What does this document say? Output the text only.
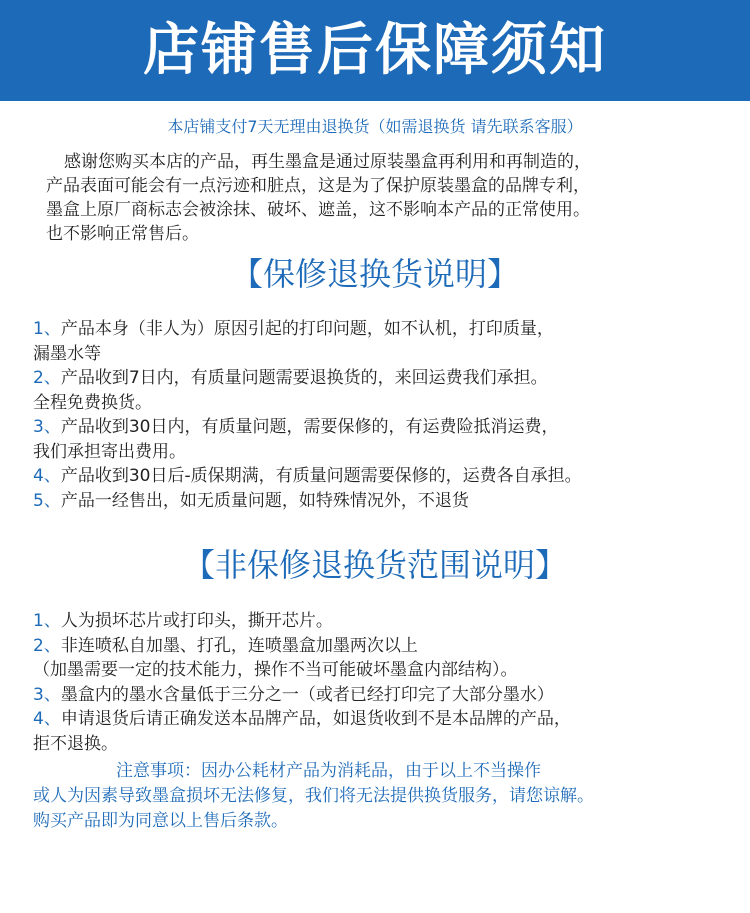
店铺售后保障须知
本店铺支付7天无理由退换货（如需退换货 请先联系客服）
感谢您购买本店的产品，再生墨盒是通过原装墨盒再利用和再制造的，
产品表面可能会有一点污迹和脏点，这是为了保护原装墨盒的品牌专利，
墨盒上原厂商标志会被涂抹、破坏、遮盖，这不影响本产品的正常使用。
也不影响正常售后。
【保修退换货说明】
1、产品本身（非人为）原因引起的打印问题，如不认机，打印质量，
漏墨水等
2、产品收到7日内，有质量问题需要退换货的，来回运费我们承担。
全程免费换货。
3、产品收到30日内，有质量问题，需要保修的，有运费险抵消运费，
我们承担寄出费用。
4、产品收到30日后-质保期满，有质量问题需要保修的，运费各自承担。
5、产品一经售出，如无质量问题，如特殊情况外，不退货
【非保修退换货范围说明】
1、人为损坏芯片或打印头，撕开芯片。
2、非连喷私自加墨、打孔，连喷墨盒加墨两次以上
（加墨需要一定的技术能力，操作不当可能破坏墨盒内部结构）。
3、墨盒内的墨水含量低于三分之一（或者已经打印完了大部分墨水）
4、申请退货后请正确发送本品牌产品，如退货收到不是本品牌的产品，
拒不退换。
注意事项：因办公耗材产品为消耗品，由于以上不当操作
或人为因素导致墨盒损坏无法修复，我们将无法提供换货服务，请您谅解。
购买产品即为同意以上售后条款。
